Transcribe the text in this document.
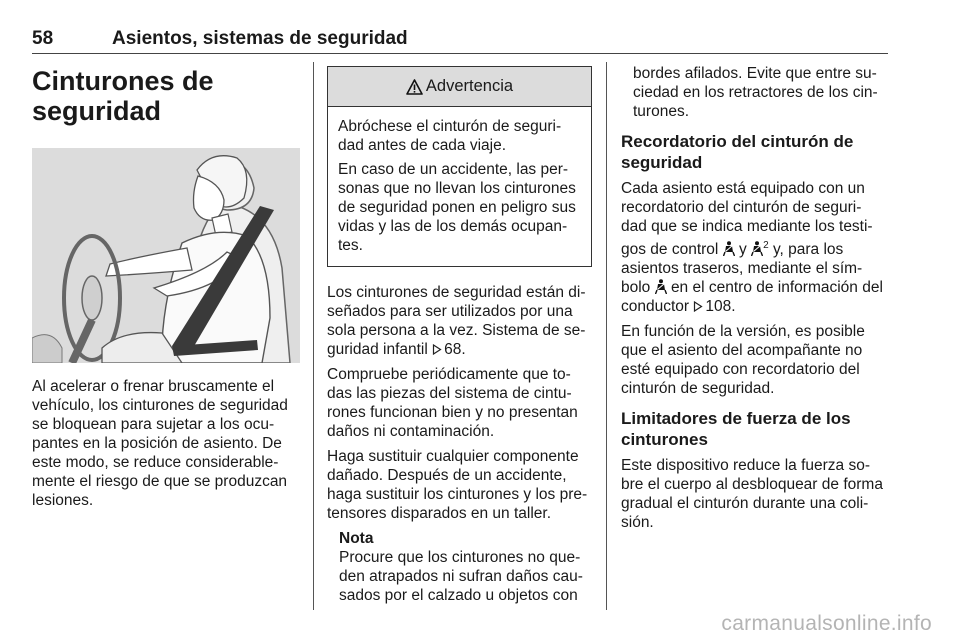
58	Asientos, sistemas de seguridad
Cinturones de
seguridad

Al acelerar o frenar bruscamente el
vehículo, los cinturones de seguridad
se bloquean para sujetar a los ocu-
pantes en la posición de asiento. De
este modo, se reduce considerable-
mente el riesgo de que se produzcan
lesiones.

Advertencia

Abróchese el cinturón de seguri-
dad antes de cada viaje.

En caso de un accidente, las per-
sonas que no llevan los cinturones
de seguridad ponen en peligro sus
vidas y las de los demás ocupan-
tes.

Los cinturones de seguridad están di-
señados para ser utilizados por una
sola persona a la vez. Sistema de se-
guridad infantil 68.

Compruebe periódicamente que to-
das las piezas del sistema de cintu-
rones funcionan bien y no presentan
daños ni contaminación.

Haga sustituir cualquier componente
dañado. Después de un accidente,
haga sustituir los cinturones y los pre-
tensores disparados en un taller.

Nota
Procure que los cinturones no que-
den atrapados ni sufran daños cau-
sados por el calzado u objetos con
bordes afilados. Evite que entre su-
ciedad en los retractores de los cin-
turones.
Recordatorio del cinturón de
seguridad

Cada asiento está equipado con un
recordatorio del cinturón de seguri-
dad que se indica mediante los testi-
gos de control y $^2$ y, para los
asientos traseros, mediante el sím-
bolo en el centro de información del
conductor 108.

En función de la versión, es posible
que el asiento del acompañante no
esté equipado con recordatorio del
cinturón de seguridad.

Limitadores de fuerza de los
cinturones

Este dispositivo reduce la fuerza so-
bre el cuerpo al desbloquear de forma
gradual el cinturón durante una coli-
sión.

carmanualsonline.info
